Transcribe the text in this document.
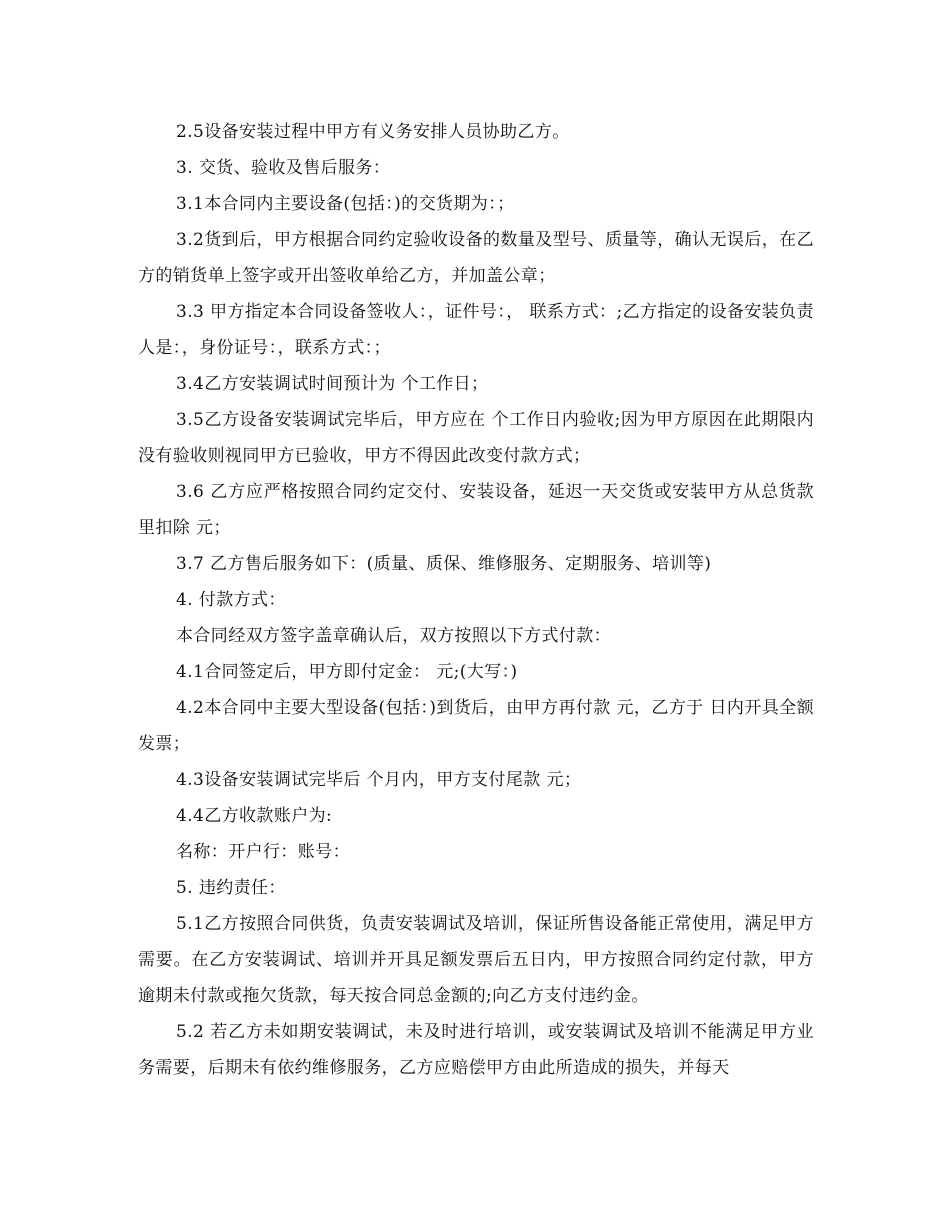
2.5设备安装过程中甲方有义务安排人员协助乙方。

3. 交货、验收及售后服务：

3.1本合同内主要设备(包括：)的交货期为：；

3.2货到后，甲方根据合同约定验收设备的数量及型号、质量等，确认无误后，在乙方的销货单上签字或开出签收单给乙方，并加盖公章；

3.3 甲方指定本合同设备签收人：，证件号：， 联系方式：;乙方指定的设备安装负责人是：，身份证号：，联系方式：；

3.4乙方安装调试时间预计为 个工作日；

3.5乙方设备安装调试完毕后，甲方应在 个工作日内验收;因为甲方原因在此期限内没有验收则视同甲方已验收，甲方不得因此改变付款方式；

3.6 乙方应严格按照合同约定交付、安装设备，延迟一天交货或安装甲方从总货款里扣除 元；

3.7 乙方售后服务如下：(质量、质保、维修服务、定期服务、培训等)

4. 付款方式：

本合同经双方签字盖章确认后，双方按照以下方式付款：

4.1合同签定后，甲方即付定金： 元;(大写：)

4.2本合同中主要大型设备(包括：)到货后，由甲方再付款 元，乙方于 日内开具全额发票；

4.3设备安装调试完毕后 个月内，甲方支付尾款 元；

4.4乙方收款账户为:

名称：开户行：账号：

5. 违约责任：

5.1乙方按照合同供货，负责安装调试及培训，保证所售设备能正常使用，满足甲方需要。在乙方安装调试、培训并开具足额发票后五日内，甲方按照合同约定付款，甲方逾期未付款或拖欠货款，每天按合同总金额的;向乙方支付违约金。

5.2 若乙方未如期安装调试，未及时进行培训，或安装调试及培训不能满足甲方业务需要，后期未有依约维修服务，乙方应赔偿甲方由此所造成的损失，并每天
